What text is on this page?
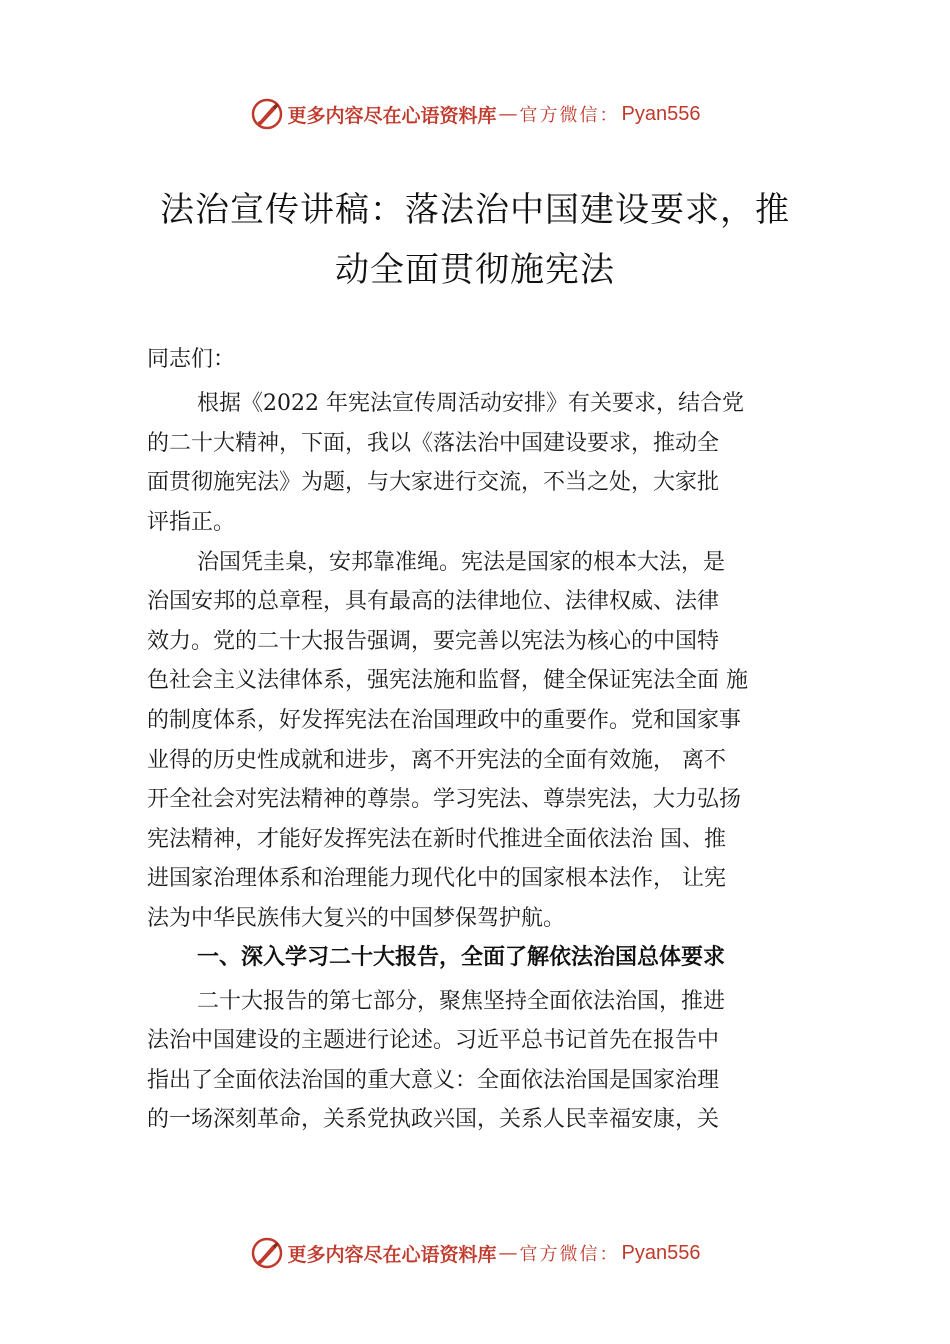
更多内容尽在心语资料库 — 官方微信： Pyan556
法治宣传讲稿：落法治中国建设要求，推
动全面贯彻施宪法
同志们：
根据《2022 年宪法宣传周活动安排》有关要求，结合党
的二十大精神，下面，我以《落法治中国建设要求，推动全
面贯彻施宪法》为题，与大家进行交流，不当之处，大家批
评指正。
治国凭圭臬，安邦靠准绳。宪法是国家的根本大法，是
治国安邦的总章程，具有最高的法律地位、法律权威、法律
效力。党的二十大报告强调，要完善以宪法为核心的中国特
色社会主义法律体系，强宪法施和监督，健全保证宪法全面 施
的制度体系，好发挥宪法在治国理政中的重要作。党和国家事
业得的历史性成就和进步，离不开宪法的全面有效施， 离不
开全社会对宪法精神的尊崇。学习宪法、尊崇宪法，大力弘扬
宪法精神，才能好发挥宪法在新时代推进全面依法治 国、推
进国家治理体系和治理能力现代化中的国家根本法作， 让宪
法为中华民族伟大复兴的中国梦保驾护航。
一、深入学习二十大报告，全面了解依法治国总体要求
二十大报告的第七部分，聚焦坚持全面依法治国，推进
法治中国建设的主题进行论述。习近平总书记首先在报告中
指出了全面依法治国的重大意义：全面依法治国是国家治理
的一场深刻革命，关系党执政兴国，关系人民幸福安康，关
更多内容尽在心语资料库 — 官方微信： Pyan556
